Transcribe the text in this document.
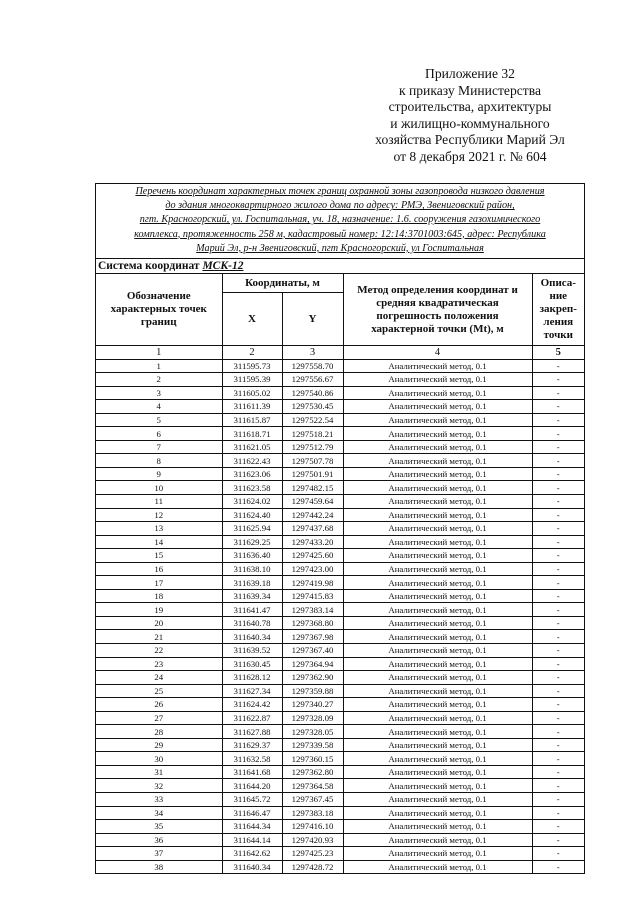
Приложение 32
к приказу Министерства
строительства, архитектуры
и жилищно-коммунального
хозяйства Республики Марий Эл
от 8 декабря 2021 г. № 604
Перечень координат характерных точек границ охранной зоны газопровода низкого давления
до здания многоквартирного жилого дома по адресу: РМЭ, Звениговский район,
пгт. Красногорский, ул. Госпитальная, уч. 18, назначение: 1.6. сооружения газохимического
комплекса, протяженность 258 м, кадастровый номер: 12:14:3701003:645, адрес: Республика
Марий Эл, р-н Звениговский, пгт Красногорский, ул Госпитальная
Система координат МСК-12				
Обозначение характерных точек границ	Координаты, м		Метод определения координат и средняя квадратическая погрешность положения характерной точки (Mt), м	Описа-ние закреп-ления точки
	X	Y		
1	2	3	4	5
1	311595.73	1297558.70	Аналитический метод, 0.1	-
2	311595.39	1297556.67	Аналитический метод, 0.1	-
3	311605.02	1297540.86	Аналитический метод, 0.1	-
4	311611.39	1297530.45	Аналитический метод, 0.1	-
5	311615.87	1297522.54	Аналитический метод, 0.1	-
6	311618.71	1297518.21	Аналитический метод, 0.1	-
7	311621.05	1297512.79	Аналитический метод, 0.1	-
8	311622.43	1297507.78	Аналитический метод, 0.1	-
9	311623.06	1297501.91	Аналитический метод, 0.1	-
10	311623.58	1297482.15	Аналитический метод, 0.1	-
11	311624.02	1297459.64	Аналитический метод, 0.1	-
12	311624.40	1297442.24	Аналитический метод, 0.1	-
13	311625.94	1297437.68	Аналитический метод, 0.1	-
14	311629.25	1297433.20	Аналитический метод, 0.1	-
15	311636.40	1297425.60	Аналитический метод, 0.1	-
16	311638.10	1297423.00	Аналитический метод, 0.1	-
17	311639.18	1297419.98	Аналитический метод, 0.1	-
18	311639.34	1297415.83	Аналитический метод, 0.1	-
19	311641.47	1297383.14	Аналитический метод, 0.1	-
20	311640.78	1297368.80	Аналитический метод, 0.1	-
21	311640.34	1297367.98	Аналитический метод, 0.1	-
22	311639.52	1297367.40	Аналитический метод, 0.1	-
23	311630.45	1297364.94	Аналитический метод, 0.1	-
24	311628.12	1297362.90	Аналитический метод, 0.1	-
25	311627.34	1297359.88	Аналитический метод, 0.1	-
26	311624.42	1297340.27	Аналитический метод, 0.1	-
27	311622.87	1297328.09	Аналитический метод, 0.1	-
28	311627.88	1297328.05	Аналитический метод, 0.1	-
29	311629.37	1297339.58	Аналитический метод, 0.1	-
30	311632.58	1297360.15	Аналитический метод, 0.1	-
31	311641.68	1297362.80	Аналитический метод, 0.1	-
32	311644.20	1297364.58	Аналитический метод, 0.1	-
33	311645.72	1297367.45	Аналитический метод, 0.1	-
34	311646.47	1297383.18	Аналитический метод, 0.1	-
35	311644.34	1297416.10	Аналитический метод, 0.1	-
36	311644.14	1297420.93	Аналитический метод, 0.1	-
37	311642.62	1297425.23	Аналитический метод, 0.1	-
38	311640.34	1297428.72	Аналитический метод, 0.1	-
